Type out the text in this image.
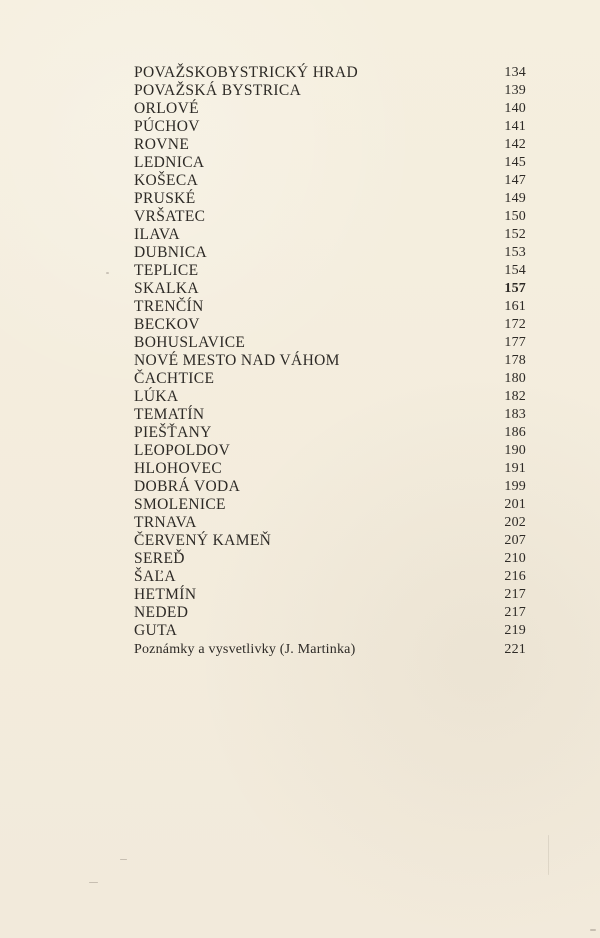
POVAŽSKOBYSTRICKÝ HRAD	134
POVAŽSKÁ BYSTRICA	139
ORLOVÉ	140
PÚCHOV	141
ROVNE	142
LEDNICA	145
KOŠECA	147
PRUSKÉ	149
VRŠATEC	150
ILAVA	152
DUBNICA	153
TEPLICE	154
SKALKA	157
TRENČÍN	161
BECKOV	172
BOHUSLAVICE	177
NOVÉ MESTO NAD VÁHOM	178
ČACHTICE	180
LÚKA	182
TEMATÍN	183
PIEŠŤANY	186
LEOPOLDOV	190
HLOHOVEC	191
DOBRÁ VODA	199
SMOLENICE	201
TRNAVA	202
ČERVENÝ KAMEŇ	207
SEREĎ	210
ŠAĽA	216
HETMÍN	217
NEDED	217
GUTA	219
Poznámky a vysvetlivky (J. Martinka)	221
